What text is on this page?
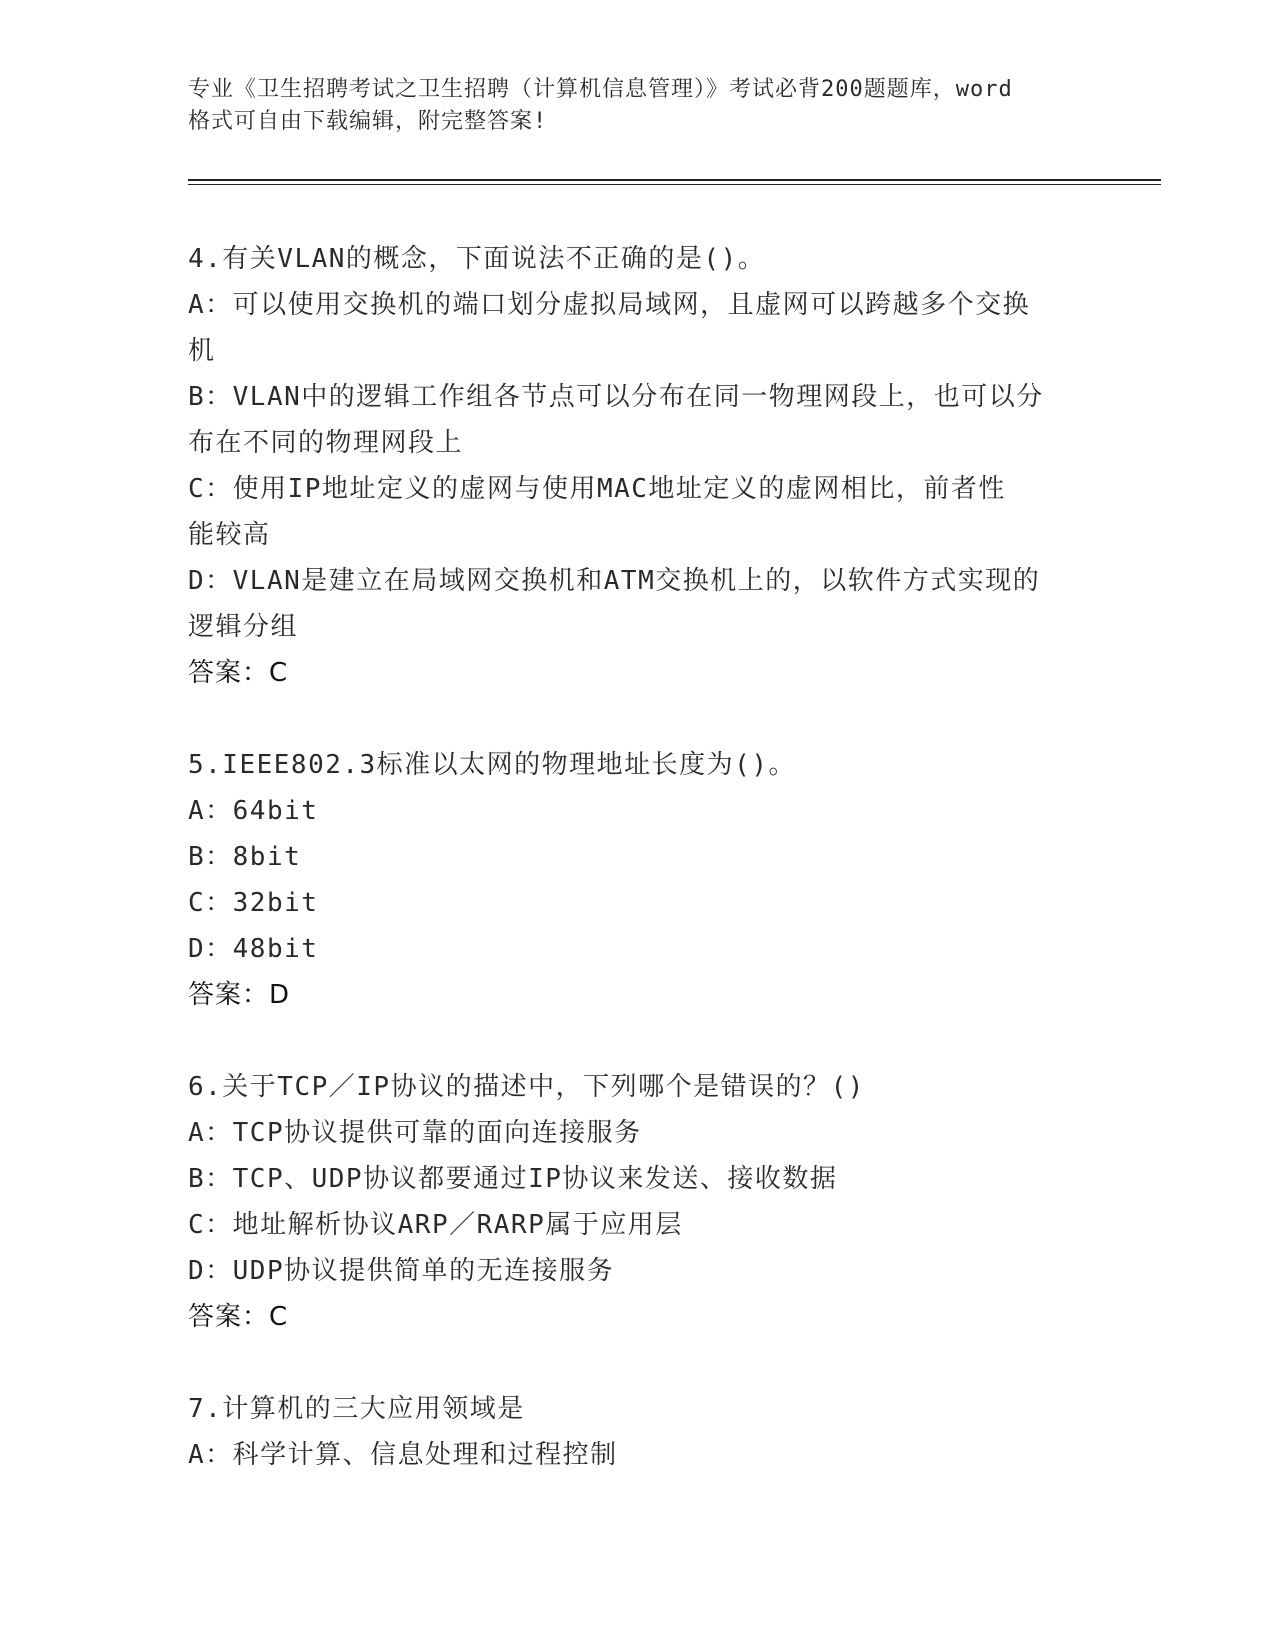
专业《卫生招聘考试之卫生招聘（计算机信息管理）》考试必背200题题库，word
格式可自由下载编辑，附完整答案!
4.有关VLAN的概念，下面说法不正确的是()。
A：可以使用交换机的端口划分虚拟局域网，且虚网可以跨越多个交换
机
B：VLAN中的逻辑工作组各节点可以分布在同一物理网段上，也可以分
布在不同的物理网段上
C：使用IP地址定义的虚网与使用MAC地址定义的虚网相比，前者性
能较高
D：VLAN是建立在局域网交换机和ATM交换机上的，以软件方式实现的
逻辑分组
答案：C
5.IEEE802.3标准以太网的物理地址长度为()。
A：64bit
B：8bit
C：32bit
D：48bit
答案：D
6.关于TCP／IP协议的描述中，下列哪个是错误的？()
A：TCP协议提供可靠的面向连接服务
B：TCP、UDP协议都要通过IP协议来发送、接收数据
C：地址解析协议ARP／RARP属于应用层
D：UDP协议提供简单的无连接服务
答案：C
7.计算机的三大应用领域是
A：科学计算、信息处理和过程控制
